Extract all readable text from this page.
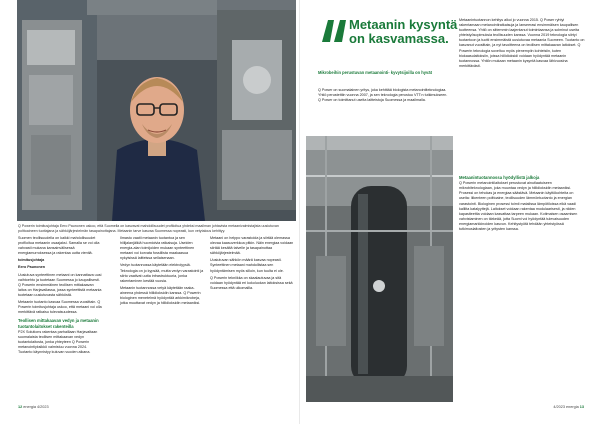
Q Powerin toimitusjohtaja Eero Paunonen uskoo, että Suomella on kasvavat mahdollisuudet profiloitua yhdeksi maailman johtavista metaanivalmistajista uusiutuvan polttoaineen tuottajana ja sähköjärjestelmän tasapainottajana. Metaanin tarve kasvaa Suomessa nopeasti, kun vetytalous kehittyy.

Suomen teollisuudella on kaikki mahdollisuudet profiloitua metaanin osaajaksi. Samalla se voi olla vahvasti mukana kansainvälisessä energiamurroksessa ja rakentaa uutta vientiä.

toimitusjohtaja

Eero Paunonen

Uusiutuva synteettinen metaani on kannattava uusi vaihtoehto ja tuotetaan Suomessa jo kaupallisesti. Q Powerin ensimmäinen teollisen mittakaavan laitos on Harjavallassa, jossa synteettistä metaania tuotetaan uusiutuvasta sähköstä.

Metaanin tuotanto kasvaa Suomessa vuosittain. Q Powerin toimitusjohtaja uskoo, että metaani voi olla merkittävä ratkaisu tulevaisuudessa.

Teollisen mittakaavan vedyn ja metaanin tuotantolaitokset rakenteilla

P2X Solutions rakentaa parhaillaan Harjavaltaan suomalaista teollisen mittakaavan vedyn tuotantolaitosta, jonka yhteyteen Q Powerin metanointiyksikkö valmistuu vuonna 2024. Tuotanto käynnistyy kuluvan vuoden aikana.

Ilmasto vaatii metaanin tuotantoa ja sen hiilijalanjälkiä huomioivia ratkaisuja. Useiden energia-alan toimijoiden mukaan synteettinen metaani voi korvata fossiilista maakaasua nykyisissä laitteissa sellaisenaan.

Vedyn tuotannossa käytetään elektrolyysiä. Teknologia on jo kypsää, mutta vedyn varastointi ja siirto vaativat uutta infrastruktuuria, jonka rakentaminen kestää vuosia.

Metaanin tuotannossa vetyä käytetään raaka-aineena yhdessä hiilidioksidin kanssa. Q Powerin biologinen menetelmä hyödyntää arkkimikrobeja, jotka muuttavat vedyn ja hiilidioksidin metaaniksi.

Metaani on helppo varastoida ja siirtää olemassa olevaa kaasuverkkoa pitkin. Näin energiaa voidaan siirtää kesältä talvelle ja tasapainottaa sähköjärjestelmää.

Uusiutuvan sähkön määrä kasvaa nopeasti. Synteettinen metaani mahdollistaa sen hyödyntämisen myös silloin, kun tuulta ei ole.

Q Powerin tekniikka on skaalautuvaa ja sitä voidaan hyödyntää eri kokoluokan laitoksissa sekä Suomessa että ulkomailla.

12 energia 4/2023
Metaanin kysyntä on kasvamassa.

Mikrobeihin perustuvan metaanointi- kyvytsijoilla on hyvät

Q Power on suomalainen yritys, joka kehittää biologista metanointiteknologiaa. Yhtiö perustettiin vuonna 2007, ja sen teknologia perustuu VTT:n tutkimukseen. Q Power on toimittanut useita laitteistoja Suomessa ja maailmalla.

Metaanintuotannon kehitys alkoi jo vuonna 2015. Q Power ryhtyi rakentamaan metanointiratkaisuja ja lanseerasi ensimmäisen kaupallisen tuotteensa. Yhtiö on sittemmin laajentanut toimintaansa ja solminut useita yhteistyösopimuksia teollisuuden kanssa. Vuonna 2019 teknologia siirtyi tuotantoon ja tuotti ensimmäistä uusiutuvaa metaania Suomeen. Tuotanto on kasvanut vuosittain, ja nyt tavoitteena on teollisen mittakaavan laitokset. Q Powerin teknologia soveltuu myös pienempiin kohteisiin, kuten biokaasulaitoksiin, joissa hiilidioksidi voidaan hyödyntää metaanin tuotannossa. Yhtiön mukaan metaanin kysyntä kasvaa lähivuosina merkittävästi.

Metaanintuotannossa hyödyllistä jalkoja

Q Powerin metanointilaitokset perustuvat ainutlaatuiseen mikrobiteknologiaan, joka muuntaa vedyn ja hiilidioksidin metaaniksi. Prosessi on tehokas ja energiaa säästävä. Metaanin käyttökohteita on useita: liikenteen polttoaine, teollisuuden lämmöntuotanto ja energian varastointi. Biologinen prosessi toimii matalissa lämpötiloissa eikä vaadi kalliita katalyyttejä. Laitokset voidaan rakentaa modulaarisesti, ja niiden kapasiteettia voidaan kasvattaa tarpeen mukaan. Kotimaisen osaamisen vahvistaminen on tärkeää, jotta Suomi voi hyödyntää tulevaisuuden energiamarkkinoiden kasvun. Kehitystyötä tehdään yhteistyössä tutkimuslaitosten ja yritysten kanssa.

4/2023 energia 13
